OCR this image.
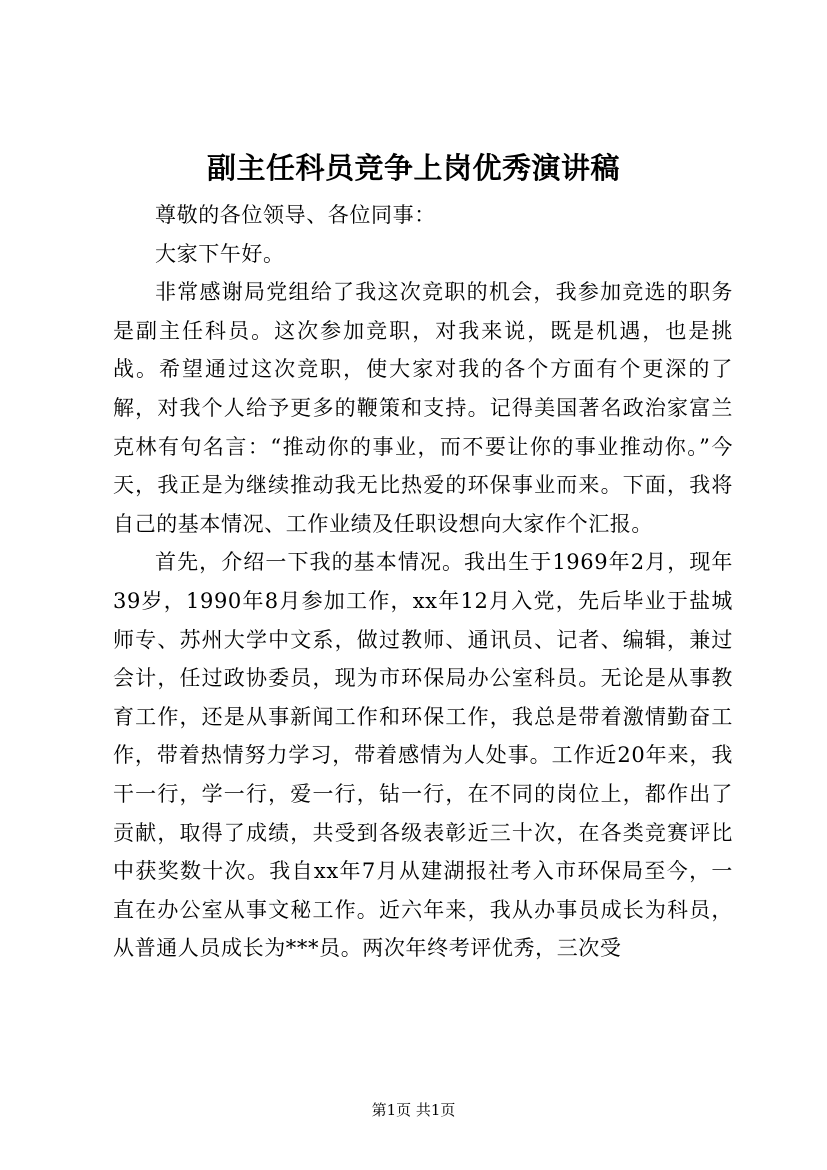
副主任科员竞争上岗优秀演讲稿

尊敬的各位领导、各位同事：

大家下午好。

非常感谢局党组给了我这次竞职的机会，我参加竞选的职务是副主任科员。这次参加竞职，对我来说，既是机遇，也是挑战。希望通过这次竞职，使大家对我的各个方面有个更深的了解，对我个人给予更多的鞭策和支持。记得美国著名政治家富兰克林有句名言：“推动你的事业，而不要让你的事业推动你。”今天，我正是为继续推动我无比热爱的环保事业而来。下面，我将自己的基本情况、工作业绩及任职设想向大家作个汇报。

首先，介绍一下我的基本情况。我出生于1969年2月，现年39岁，1990年8月参加工作，xx年12月入党，先后毕业于盐城师专、苏州大学中文系，做过教师、通讯员、记者、编辑，兼过会计，任过政协委员，现为市环保局办公室科员。无论是从事教育工作，还是从事新闻工作和环保工作，我总是带着激情勤奋工作，带着热情努力学习，带着感情为人处事。工作近20年来，我干一行，学一行，爱一行，钻一行，在不同的岗位上，都作出了贡献，取得了成绩，共受到各级表彰近三十次，在各类竞赛评比中获奖数十次。我自xx年7月从建湖报社考入市环保局至今，一直在办公室从事文秘工作。近六年来，我从办事员成长为科员，从普通人员成长为***员。两次年终考评优秀，三次受

第1页 共1页
